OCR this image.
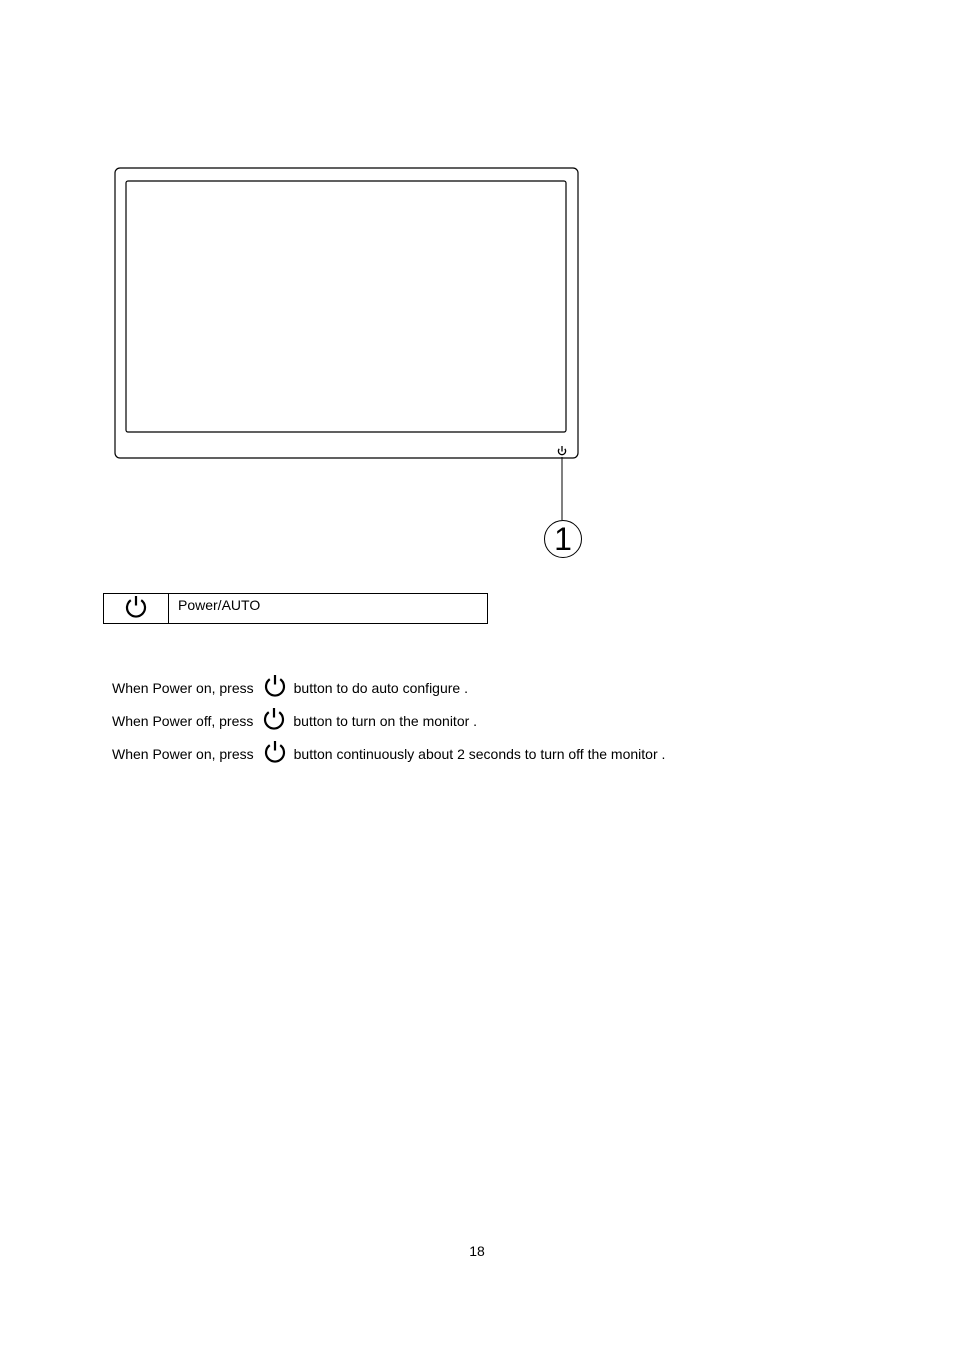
1
Power/AUTO
When Power on, press	button to do auto configure .
When Power off, press	button to turn on the monitor .
When Power on, press	button continuously about 2 seconds to turn off the monitor .
18
